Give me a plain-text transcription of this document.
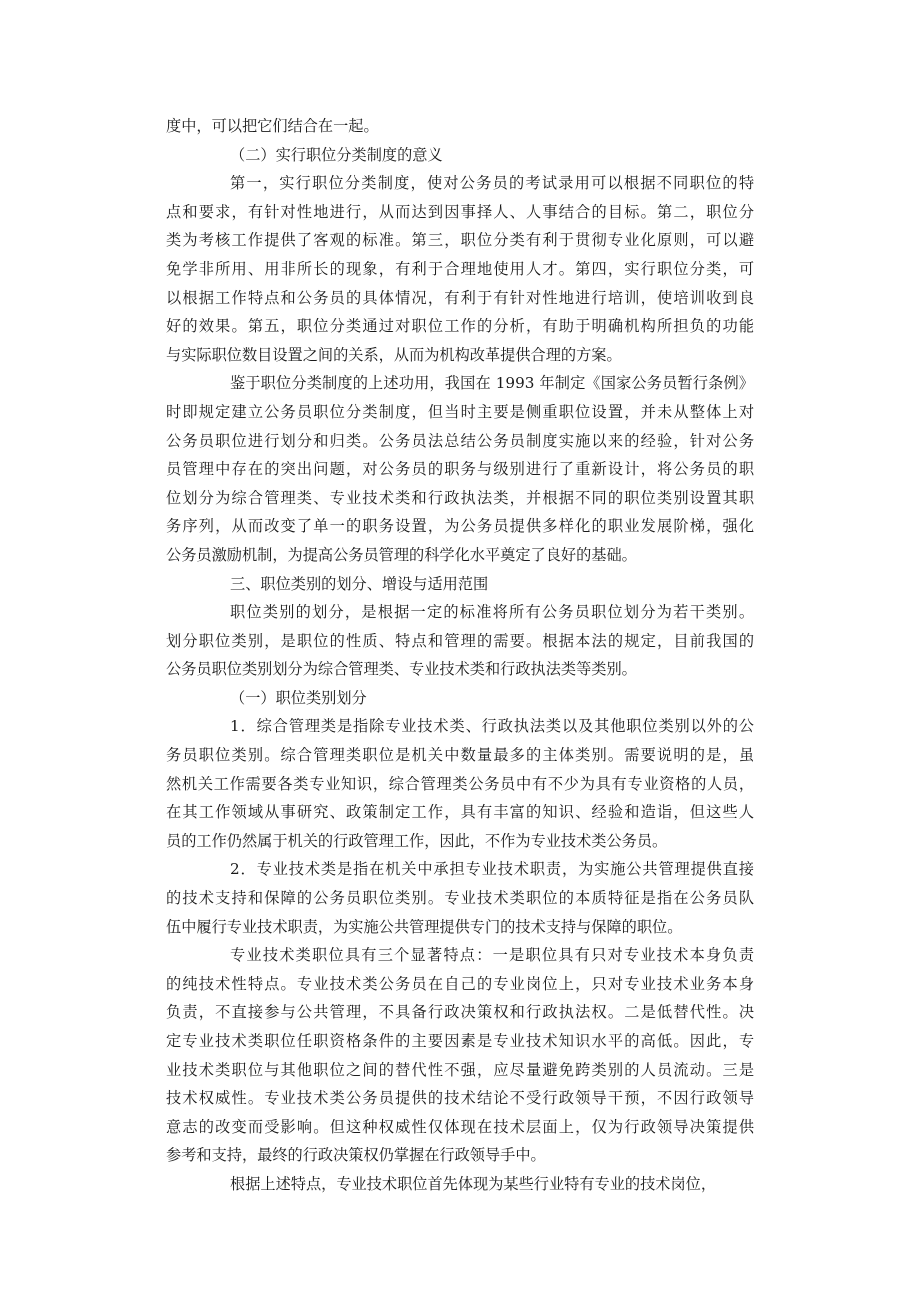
度中，可以把它们结合在一起。
（二）实行职位分类制度的意义
第一，实行职位分类制度，使对公务员的考试录用可以根据不同职位的特
点和要求，有针对性地进行，从而达到因事择人、人事结合的目标。第二，职位分
类为考核工作提供了客观的标准。第三，职位分类有利于贯彻专业化原则，可以避
免学非所用、用非所长的现象，有利于合理地使用人才。第四，实行职位分类，可
以根据工作特点和公务员的具体情况，有利于有针对性地进行培训，使培训收到良
好的效果。第五，职位分类通过对职位工作的分析，有助于明确机构所担负的功能
与实际职位数目设置之间的关系，从而为机构改革提供合理的方案。
鉴于职位分类制度的上述功用，我国在 1993 年制定《国家公务员暂行条例》
时即规定建立公务员职位分类制度，但当时主要是侧重职位设置，并未从整体上对
公务员职位进行划分和归类。公务员法总结公务员制度实施以来的经验，针对公务
员管理中存在的突出问题，对公务员的职务与级别进行了重新设计，将公务员的职
位划分为综合管理类、专业技术类和行政执法类，并根据不同的职位类别设置其职
务序列，从而改变了单一的职务设置，为公务员提供多样化的职业发展阶梯，强化
公务员激励机制，为提高公务员管理的科学化水平奠定了良好的基础。
三、职位类别的划分、增设与适用范围
职位类别的划分，是根据一定的标准将所有公务员职位划分为若干类别。
划分职位类别，是职位的性质、特点和管理的需要。根据本法的规定，目前我国的
公务员职位类别划分为综合管理类、专业技术类和行政执法类等类别。
（一）职位类别划分
1．综合管理类是指除专业技术类、行政执法类以及其他职位类别以外的公
务员职位类别。综合管理类职位是机关中数量最多的主体类别。需要说明的是，虽
然机关工作需要各类专业知识，综合管理类公务员中有不少为具有专业资格的人员，
在其工作领域从事研究、政策制定工作，具有丰富的知识、经验和造诣，但这些人
员的工作仍然属于机关的行政管理工作，因此，不作为专业技术类公务员。
2．专业技术类是指在机关中承担专业技术职责，为实施公共管理提供直接
的技术支持和保障的公务员职位类别。专业技术类职位的本质特征是指在公务员队
伍中履行专业技术职责，为实施公共管理提供专门的技术支持与保障的职位。
专业技术类职位具有三个显著特点：一是职位具有只对专业技术本身负责
的纯技术性特点。专业技术类公务员在自己的专业岗位上，只对专业技术业务本身
负责，不直接参与公共管理，不具备行政决策权和行政执法权。二是低替代性。决
定专业技术类职位任职资格条件的主要因素是专业技术知识水平的高低。因此，专
业技术类职位与其他职位之间的替代性不强，应尽量避免跨类别的人员流动。三是
技术权威性。专业技术类公务员提供的技术结论不受行政领导干预，不因行政领导
意志的改变而受影响。但这种权威性仅体现在技术层面上，仅为行政领导决策提供
参考和支持，最终的行政决策权仍掌握在行政领导手中。
根据上述特点，专业技术职位首先体现为某些行业特有专业的技术岗位，
